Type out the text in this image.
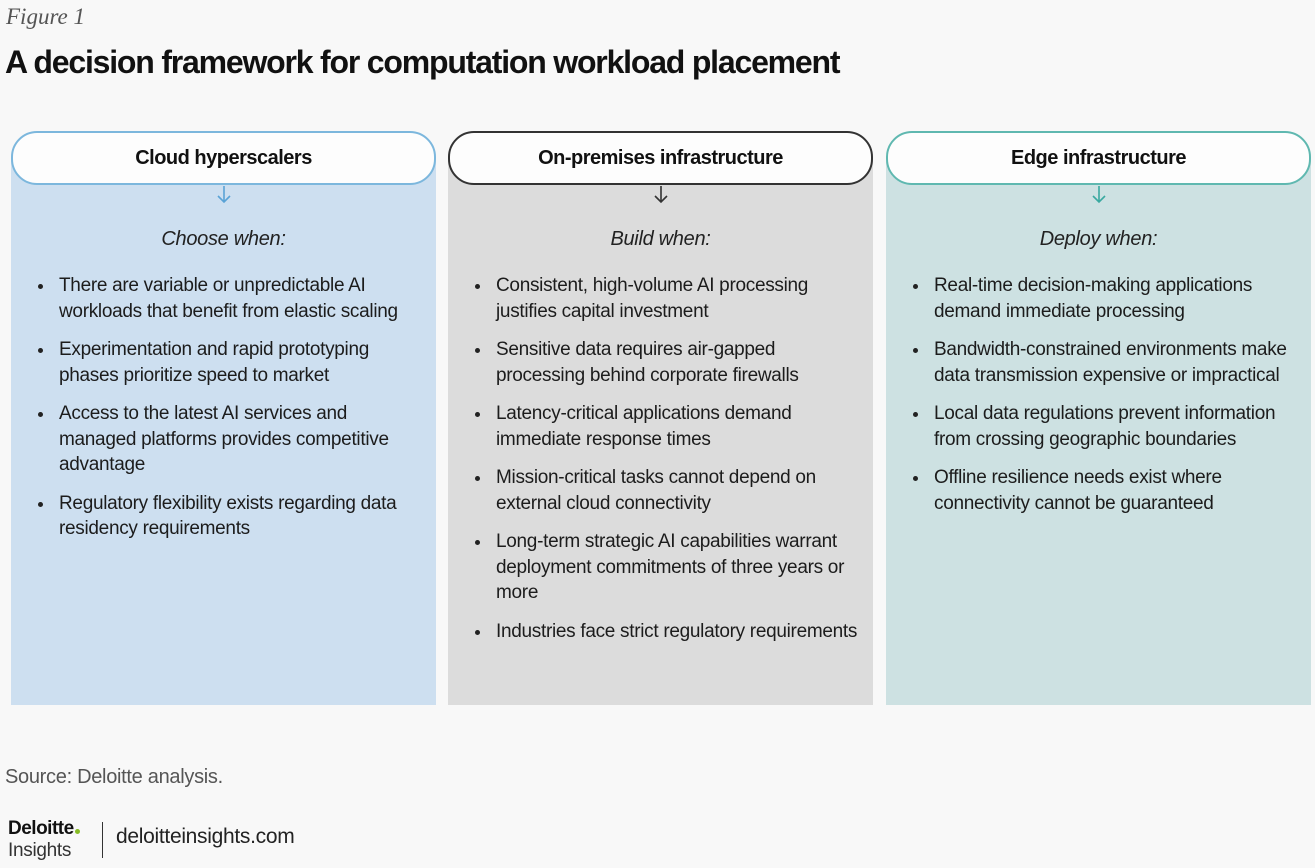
Figure 1
A decision framework for computation workload placement
Cloud hyperscalers
Choose when:
There are variable or unpredictable AI workloads that benefit from elastic scaling
Experimentation and rapid prototyping phases prioritize speed to market
Access to the latest AI services and managed platforms provides competitive advantage
Regulatory flexibility exists regarding data residency requirements
On-premises infrastructure
Build when:
Consistent, high-volume AI processing justifies capital investment
Sensitive data requires air-gapped processing behind corporate firewalls
Latency-critical applications demand immediate response times
Mission-critical tasks cannot depend on external cloud connectivity
Long-term strategic AI capabilities warrant deployment commitments of three years or more
Industries face strict regulatory requirements
Edge infrastructure
Deploy when:
Real-time decision-making applications demand immediate processing
Bandwidth-constrained environments make data transmission expensive or impractical
Local data regulations prevent information from crossing geographic boundaries
Offline resilience needs exist where connectivity cannot be guaranteed
Source: Deloitte analysis.
Deloitte
Insights
deloitteinsights.com
